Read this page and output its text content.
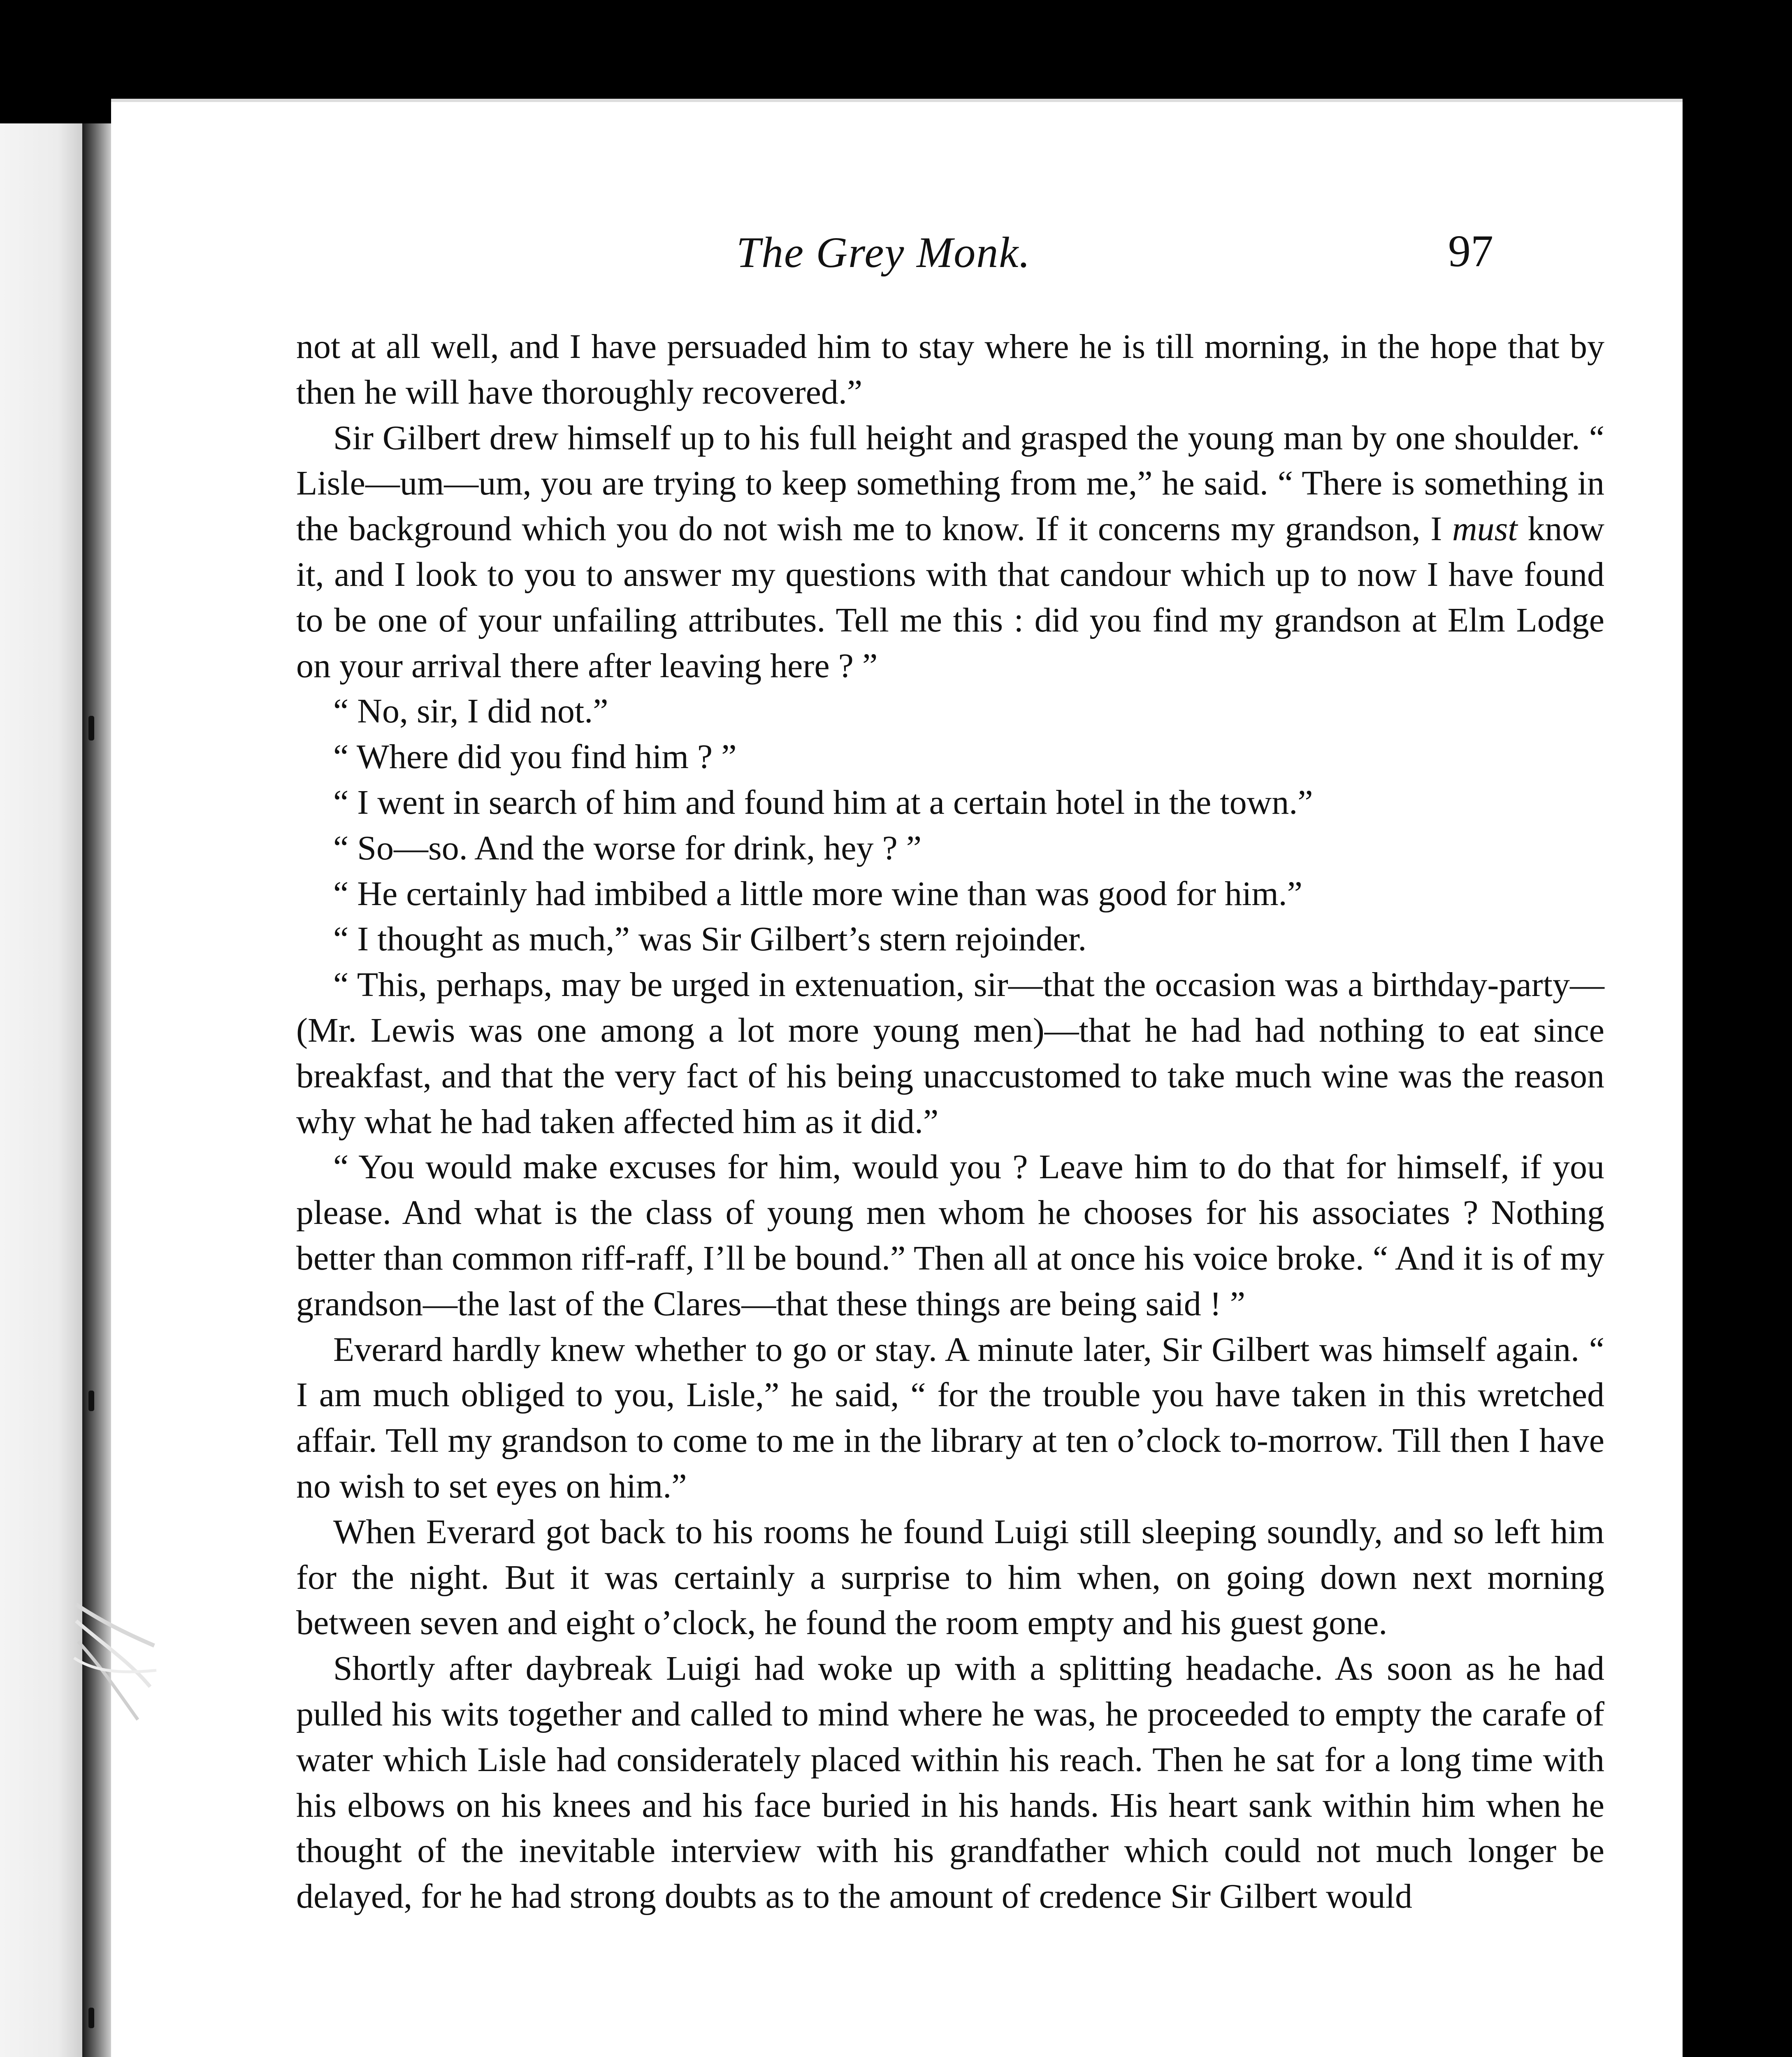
The Grey Monk.	97

not at all well, and I have persuaded him to stay where he is till morning, in the hope that by then he will have thoroughly recovered.”

Sir Gilbert drew himself up to his full height and grasped the young man by one shoulder. “ Lisle—um—um, you are trying to keep something from me,” he said. “ There is something in the background which you do not wish me to know. If it concerns my grandson, I must know it, and I look to you to answer my questions with that candour which up to now I have found to be one of your unfailing attributes. Tell me this : did you find my grandson at Elm Lodge on your arrival there after leaving here ? ”

“ No, sir, I did not.”

“ Where did you find him ? ”

“ I went in search of him and found him at a certain hotel in the town.”

“ So—so. And the worse for drink, hey ? ”

“ He certainly had imbibed a little more wine than was good for him.”

“ I thought as much,” was Sir Gilbert’s stern rejoinder.

“ This, perhaps, may be urged in extenuation, sir—that the occasion was a birthday-party—(Mr. Lewis was one among a lot more young men)—that he had had nothing to eat since breakfast, and that the very fact of his being unaccustomed to take much wine was the reason why what he had taken affected him as it did.”

“ You would make excuses for him, would you ? Leave him to do that for himself, if you please. And what is the class of young men whom he chooses for his associates ? Nothing better than common riff-raff, I’ll be bound.” Then all at once his voice broke. “ And it is of my grandson—the last of the Clares—that these things are being said ! ”

Everard hardly knew whether to go or stay. A minute later, Sir Gilbert was himself again. “ I am much obliged to you, Lisle,” he said, “ for the trouble you have taken in this wretched affair. Tell my grandson to come to me in the library at ten o’clock to-morrow. Till then I have no wish to set eyes on him.”

When Everard got back to his rooms he found Luigi still sleeping soundly, and so left him for the night. But it was certainly a surprise to him when, on going down next morning between seven and eight o’clock, he found the room empty and his guest gone.

Shortly after daybreak Luigi had woke up with a splitting headache. As soon as he had pulled his wits together and called to mind where he was, he proceeded to empty the carafe of water which Lisle had considerately placed within his reach. Then he sat for a long time with his elbows on his knees and his face buried in his hands. His heart sank within him when he thought of the inevitable interview with his grandfather which could not much longer be delayed, for he had strong doubts as to the amount of credence Sir Gilbert would
